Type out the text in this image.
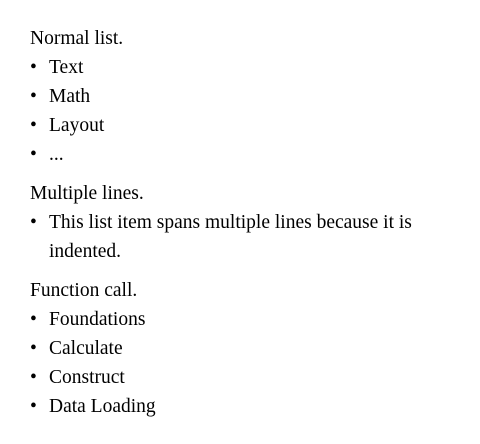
Normal list.

• Text
• Math
• Layout
• ...

Multiple lines.

• This list item spans multiple lines because it is indented.

Function call.

• Foundations
• Calculate
• Construct
• Data Loading
